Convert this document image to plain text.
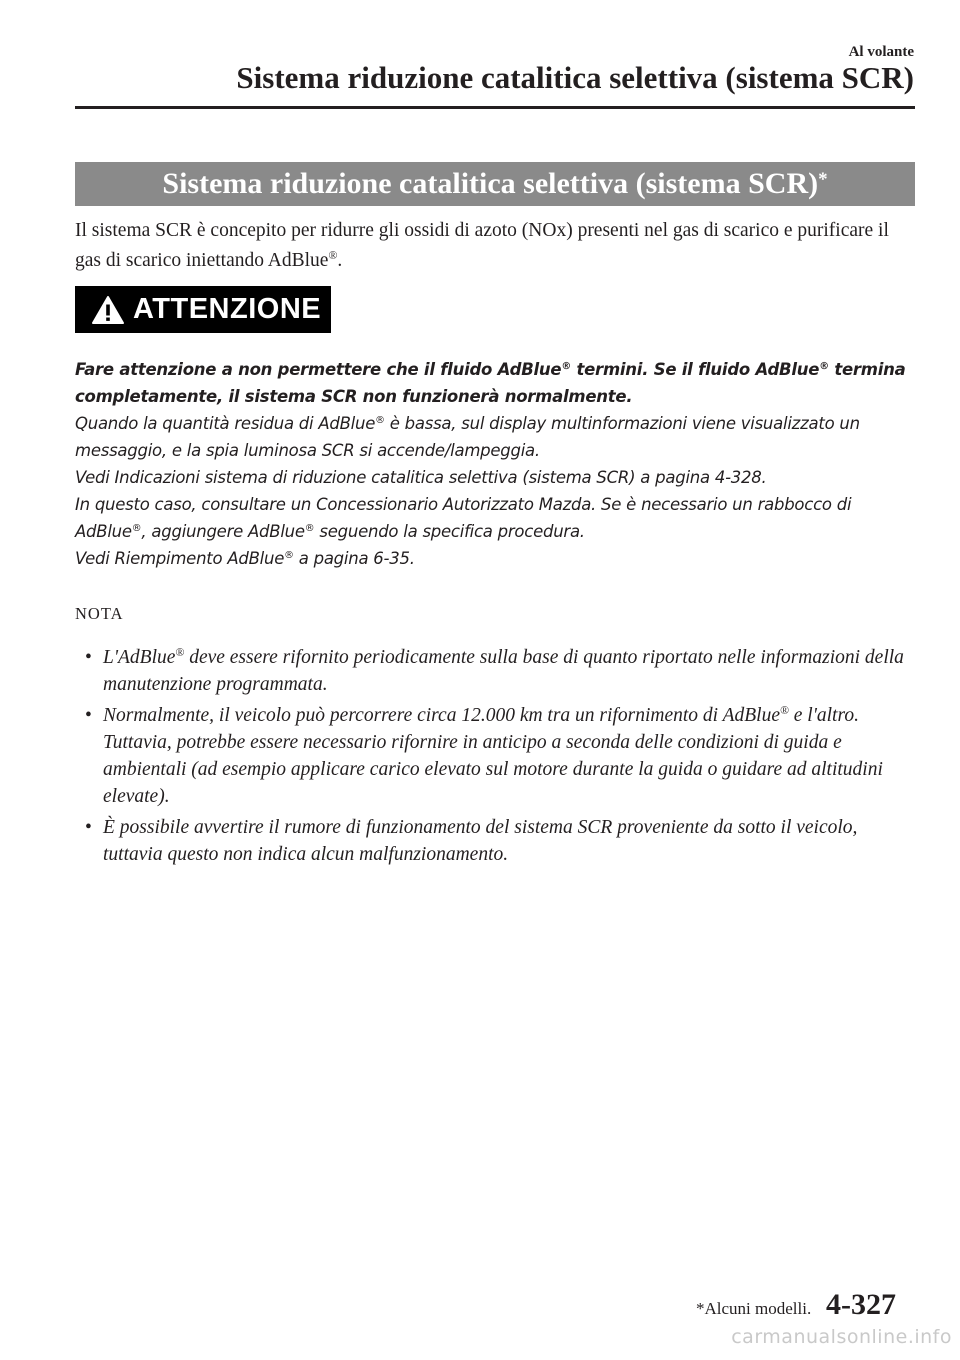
Al volante
Sistema riduzione catalitica selettiva (sistema SCR)
Sistema riduzione catalitica selettiva (sistema SCR)*

Il sistema SCR è concepito per ridurre gli ossidi di azoto (NOx) presenti nel gas di scarico e purificare il gas di scarico iniettando AdBlue®.

ATTENZIONE

Fare attenzione a non permettere che il fluido AdBlue® termini. Se il fluido AdBlue® termina

completamente, il sistema SCR non funzionerà normalmente.

Quando la quantità residua di AdBlue® è bassa, sul display multinformazioni viene visualizzato un messaggio, e la spia luminosa SCR si accende/lampeggia.

Vedi Indicazioni sistema di riduzione catalitica selettiva (sistema SCR) a pagina 4-328.

In questo caso, consultare un Concessionario Autorizzato Mazda. Se è necessario un rabbocco di AdBlue®, aggiungere AdBlue® seguendo la specifica procedura.

Vedi Riempimento AdBlue® a pagina 6-35.

NOTA
• L'AdBlue® deve essere rifornito periodicamente sulla base di quanto riportato nelle informazioni della manutenzione programmata.

• Normalmente, il veicolo può percorrere circa 12.000 km tra un rifornimento di AdBlue® e l'altro. Tuttavia, potrebbe essere necessario rifornire in anticipo a seconda delle condizioni di guida e ambientali (ad esempio applicare carico elevato sul motore durante la guida o guidare ad altitudini elevate).

• È possibile avvertire il rumore di funzionamento del sistema SCR proveniente da sotto il veicolo, tuttavia questo non indica alcun malfunzionamento.

*Alcuni modelli. 4-327
carmanualsonline.info
